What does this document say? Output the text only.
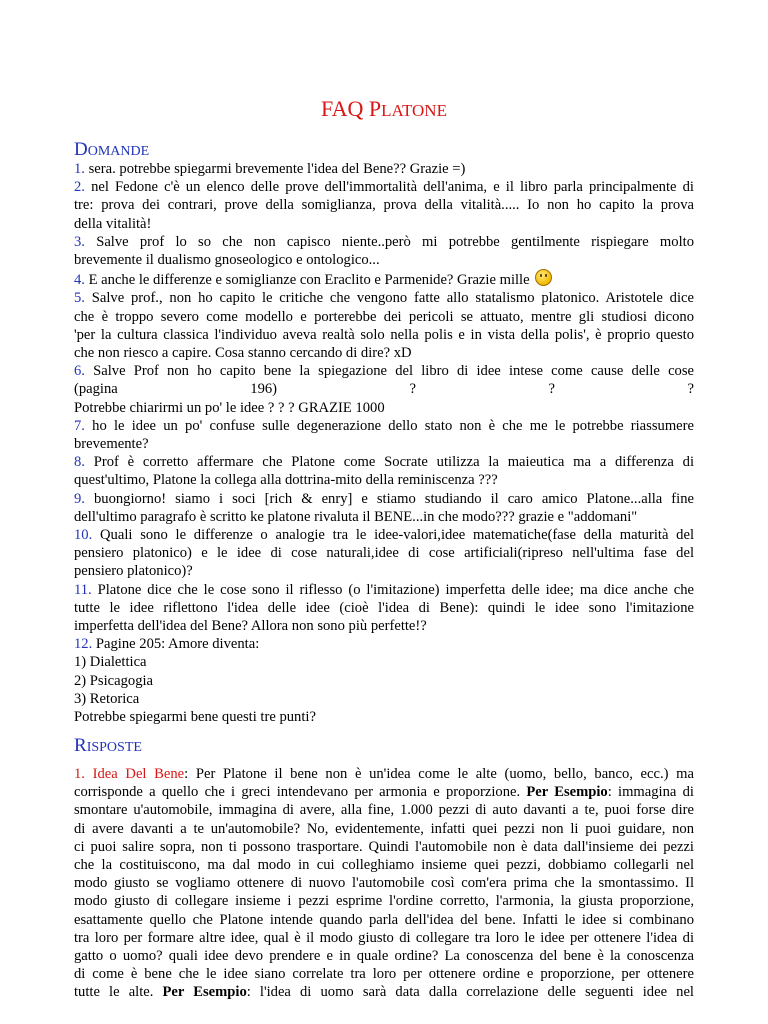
FAQ PLATONE
DOMANDE
1. sera. potrebbe spiegarmi brevemente l'idea del Bene?? Grazie =)
2. nel Fedone c'è un elenco delle prove dell'immortalità dell'anima, e il libro parla principalmente di
tre: prova dei contrari, prove della somiglianza, prova della vitalità..... Io non ho capito la prova
della vitalità!
3. Salve prof lo so che non capisco niente..però mi potrebbe gentilmente rispiegare molto
brevemente il dualismo gnoseologico e ontologico...
4. E anche le differenze e somiglianze con Eraclito e Parmenide? Grazie mille
5. Salve prof., non ho capito le critiche che vengono fatte allo statalismo platonico. Aristotele dice
che è troppo severo come modello e porterebbe dei pericoli se attuato, mentre gli studiosi dicono
'per la cultura classica l'individuo aveva realtà solo nella polis e in vista della polis', è proprio questo
che non riesco a capire. Cosa stanno cercando di dire? xD
6. Salve Prof non ho capito bene la spiegazione del libro di idee intese come cause delle cose
(pagina 196) ? ? ?
Potrebbe chiarirmi un po' le idee ? ? ? GRAZIE 1000
7. ho le idee un po' confuse sulle degenerazione dello stato non è che me le potrebbe riassumere
brevemente?
8. Prof è corretto affermare che Platone come Socrate utilizza la maieutica ma a differenza di
quest'ultimo, Platone la collega alla dottrina-mito della reminiscenza ???
9. buongiorno! siamo i soci [rich & enry] e stiamo studiando il caro amico Platone...alla fine
dell'ultimo paragrafo è scritto ke platone rivaluta il BENE...in che modo??? grazie e "addomani"
10. Quali sono le differenze o analogie tra le idee-valori,idee matematiche(fase della maturità del
pensiero platonico) e le idee di cose naturali,idee di cose artificiali(ripreso nell'ultima fase del
pensiero platonico)?
11. Platone dice che le cose sono il riflesso (o l'imitazione) imperfetta delle idee; ma dice anche che
tutte le idee riflettono l'idea delle idee (cioè l'idea di Bene): quindi le idee sono l'imitazione
imperfetta dell'idea del Bene? Allora non sono più perfette!?
12. Pagine 205: Amore diventa:
1) Dialettica
2) Psicagogia
3) Retorica
Potrebbe spiegarmi bene questi tre punti?
RISPOSTE
1. Idea Del Bene: Per Platone il bene non è un'idea come le alte (uomo, bello, banco, ecc.) ma
corrisponde a quello che i greci intendevano per armonia e proporzione. Per Esempio: immagina di
smontare u'automobile, immagina di avere, alla fine, 1.000 pezzi di auto davanti a te, puoi forse dire
di avere davanti a te un'automobile? No, evidentemente, infatti quei pezzi non li puoi guidare, non
ci puoi salire sopra, non ti possono trasportare. Quindi l'automobile non è data dall'insieme dei pezzi
che la costituiscono, ma dal modo in cui colleghiamo insieme quei pezzi, dobbiamo collegarli nel
modo giusto se vogliamo ottenere di nuovo l'automobile così com'era prima che la smontassimo. Il
modo giusto di collegare insieme i pezzi esprime l'ordine corretto, l'armonia, la giusta proporzione,
esattamente quello che Platone intende quando parla dell'idea del bene. Infatti le idee si combinano
tra loro per formare altre idee, qual è il modo giusto di collegare tra loro le idee per ottenere l'idea di
gatto o uomo? quali idee devo prendere e in quale ordine? La conoscenza del bene è la conoscenza
di come è bene che le idee siano correlate tra loro per ottenere ordine e proporzione, per ottenere
tutte le alte. Per Esempio: l'idea di uomo sarà data dalla correlazione delle seguenti idee nel
